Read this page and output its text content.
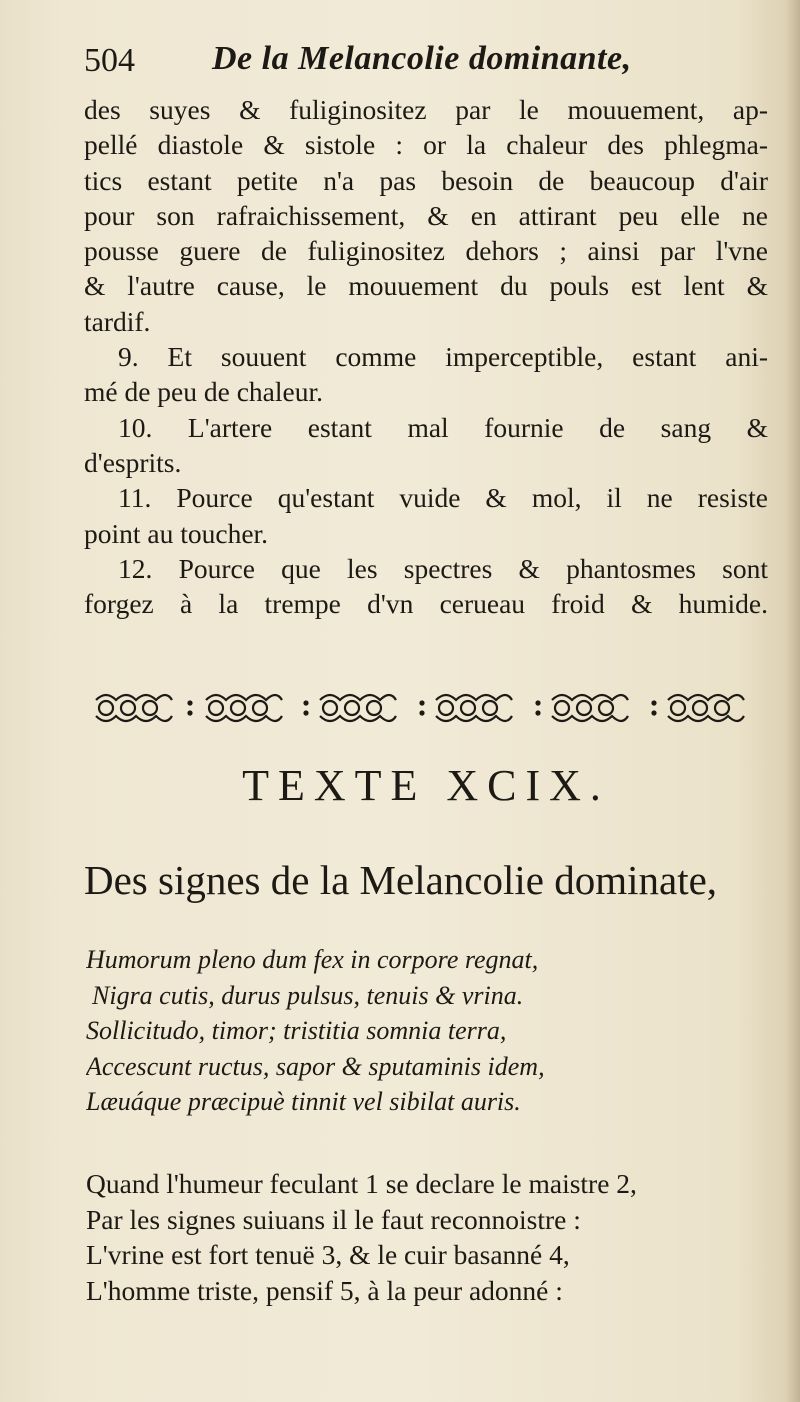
504 De la Melancolie dominante,
des suyes & fuliginositez par le mouuement, ap-
pellé diastole & sistole : or la chaleur des phlegma-
tics estant petite n'a pas besoin de beaucoup d'air
pour son rafraichissement, & en attirant peu elle ne
pousse guere de fuliginositez dehors ; ainsi par l'vne
& l'autre cause, le mouuement du pouls est lent &
tardif.
9. Et souuent comme imperceptible, estant ani-
mé de peu de chaleur.
10. L'artere estant mal fournie de sang &
d'esprits.
11. Pource qu'estant vuide & mol, il ne resiste
point au toucher.
12. Pource que les spectres & phantosmes sont
forgez à la trempe d'vn cerueau froid & humide.
TEXTE XCIX.
Des signes de la Melancolie dominate,
Humorum pleno dum fex in corpore regnat,
Nigra cutis, durus pulsus, tenuis & vrina.
Sollicitudo, timor; tristitia somnia terra,
Accescunt ructus, sapor & sputaminis idem,
Læuáque præcipuè tinnit vel sibilat auris.
Quand l'humeur feculant 1 se declare le maistre 2,
Par les signes suiuans il le faut reconnoistre :
L'vrine est fort tenuë 3, & le cuir basanné 4,
L'homme triste, pensif 5, à la peur adonné :
